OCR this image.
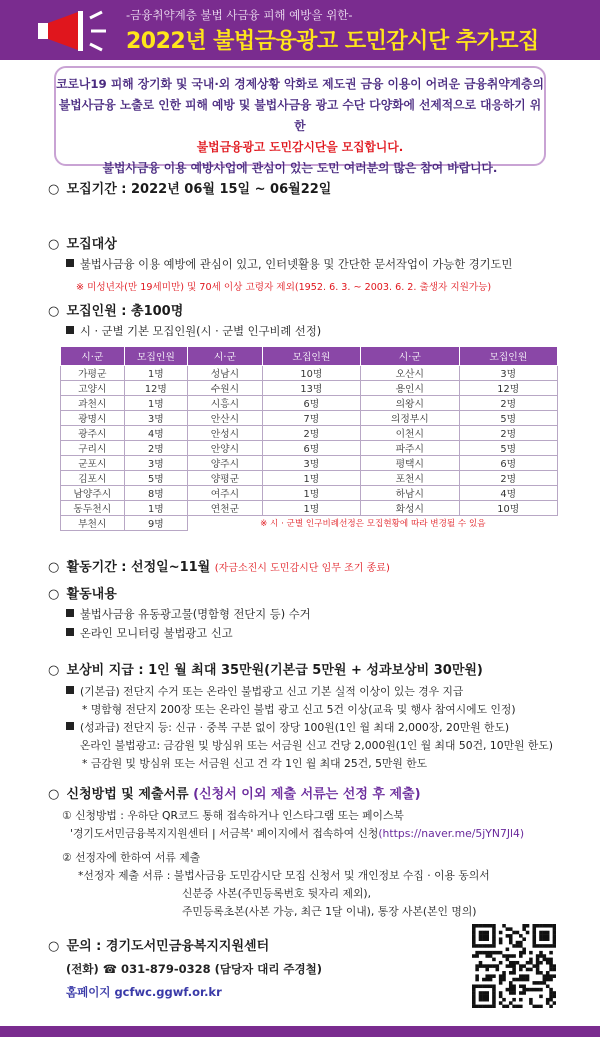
-금융취약계층 불법 사금융 피해 예방을 위한-
2022년 불법금융광고 도민감시단 추가모집
코로나19 피해 장기화 및 국내·외 경제상황 악화로 제도권 금융 이용이 어려운 금융취약계층의
불법사금융 노출로 인한 피해 예방 및 불법사금융 광고 수단 다양화에 선제적으로 대응하기 위한
불법금융광고 도민감시단을 모집합니다.
불법사금융 이용 예방사업에 관심이 있는 도민 여러분의 많은 참여 바랍니다.
○ 모집기간 : 2022년 06월 15일 ~ 06월22일
○ 모집대상
불법사금융 이용 예방에 관심이 있고, 인터넷활용 및 간단한 문서작업이 가능한 경기도민
※ 미성년자(만 19세미만) 및 70세 이상 고령자 제외(1952. 6. 3. ~ 2003. 6. 2. 출생자 지원가능)
○ 모집인원 : 총100명
시 · 군별 기본 모집인원(시 · 군별 인구비례 선정)
시·군	모집인원	시·군	모집인원	시·군	모집인원
가평군	1명	성남시	10명	오산시	3명
고양시	12명	수원시	13명	용인시	12명
과천시	1명	시흥시	6명	의왕시	2명
광명시	3명	안산시	7명	의정부시	5명
광주시	4명	안성시	2명	이천시	2명
구리시	2명	안양시	6명	파주시	5명
군포시	3명	양주시	3명	평택시	6명
김포시	5명	양평군	1명	포천시	2명
남양주시	8명	여주시	1명	하남시	4명
동두천시	1명	연천군	1명	화성시	10명
부천시	9명	※ 시 · 군별 인구비례선정은 모집현황에 따라 변경될 수 있음			
○ 활동기간 : 선정일~11월 (자금소진시 도민감시단 임무 조기 종료)
○ 활동내용
불법사금융 유동광고물(명함형 전단지 등) 수거
온라인 모니터링 불법광고 신고
○ 보상비 지급 : 1인 월 최대 35만원(기본급 5만원 + 성과보상비 30만원)
(기본급) 전단지 수거 또는 온라인 불법광고 신고 기본 실적 이상이 있는 경우 지급
* 명함형 전단지 200장 또는 온라인 불법 광고 신고 5건 이상(교육 및 행사 참여시에도 인정)
(성과급) 전단지 등: 신규 · 중복 구분 없이 장당 100원(1인 월 최대 2,000장, 20만원 한도)
온라인 불법광고: 금감원 및 방심위 또는 서금원 신고 건당 2,000원(1인 월 최대 50건, 10만원 한도)
* 금감원 및 방심위 또는 서금원 신고 건 각 1인 월 최대 25건, 5만원 한도
○ 신청방법 및 제출서류 (신청서 이외 제출 서류는 선정 후 제출)
① 신청방법 : 우하단 QR코드 통해 접속하거나 인스타그램 또는 페이스북
'경기도서민금융복지지원센터 | 서금복' 페이지에서 접속하여 신청(https://naver.me/5jYN7Jl4)
② 선정자에 한하여 서류 제출
*선정자 제출 서류 : 불법사금융 도민감시단 모집 신청서 및 개인정보 수집 · 이용 동의서
신분증 사본(주민등록번호 뒷자리 제외),
주민등록초본(사본 가능, 최근 1달 이내), 통장 사본(본인 명의)
○ 문의 : 경기도서민금융복지지원센터
(전화) ☎ 031-879-0328 (담당자 대리 주경철)
홈페이지 gcfwc.ggwf.or.kr
